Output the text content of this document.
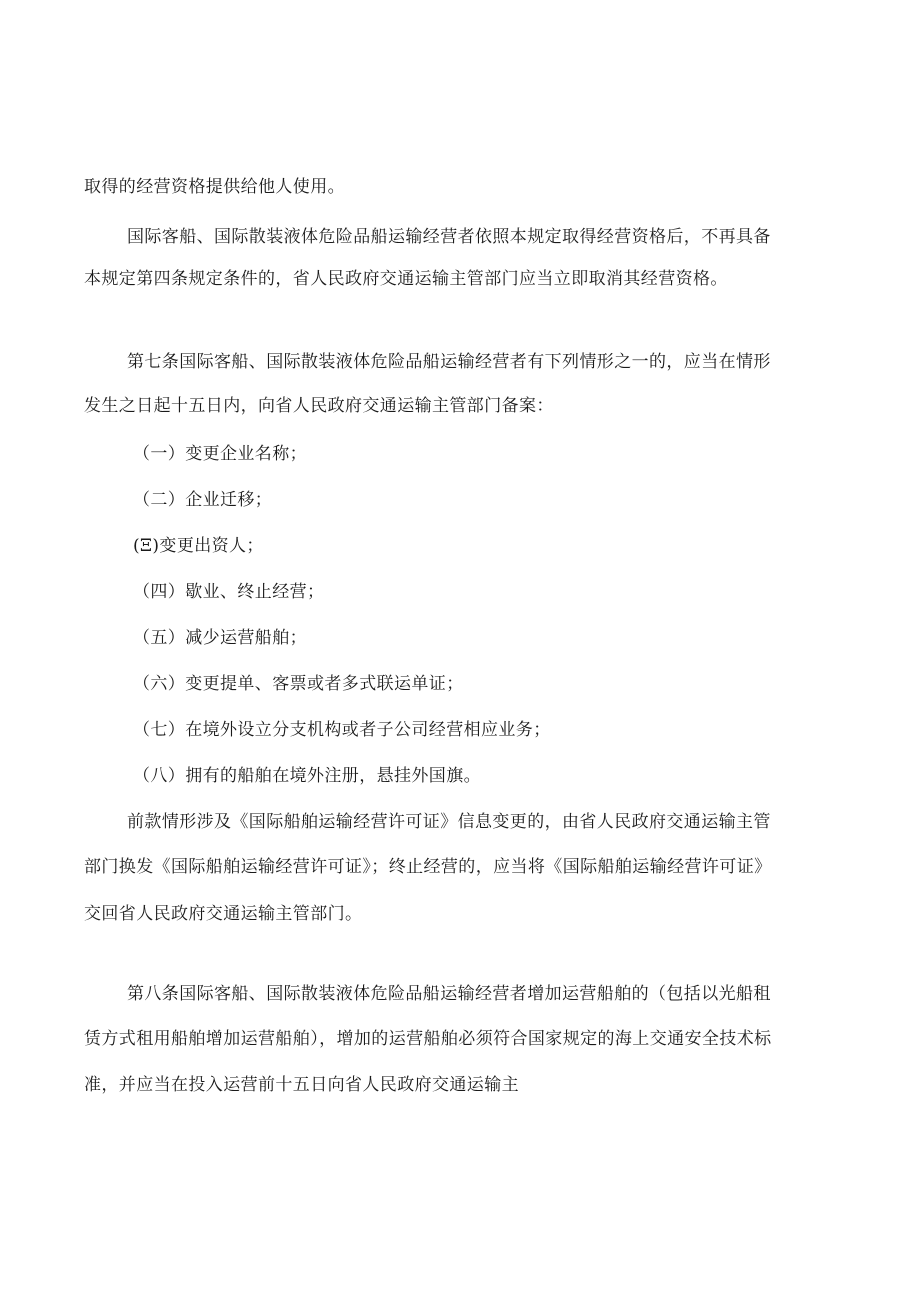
取得的经营资格提供给他人使用。
国际客船、国际散装液体危险品船运输经营者依照本规定取得经营资格后，不再具备
本规定第四条规定条件的，省人民政府交通运输主管部门应当立即取消其经营资格。
第七条国际客船、国际散装液体危险品船运输经营者有下列情形之一的，应当在情形
发生之日起十五日内，向省人民政府交通运输主管部门备案：
（一）变更企业名称；
（二）企业迁移；
(Ξ)变更出资人；
（四）歇业、终止经营；
（五）减少运营船舶；
（六）变更提单、客票或者多式联运单证；
（七）在境外设立分支机构或者子公司经营相应业务；
（八）拥有的船舶在境外注册，悬挂外国旗。
前款情形涉及《国际船舶运输经营许可证》信息变更的，由省人民政府交通运输主管
部门换发《国际船舶运输经营许可证》；终止经营的，应当将《国际船舶运输经营许可证》
交回省人民政府交通运输主管部门。
第八条国际客船、国际散装液体危险品船运输经营者增加运营船舶的（包括以光船租
赁方式租用船舶增加运营船舶），增加的运营船舶必须符合国家规定的海上交通安全技术标
准，并应当在投入运营前十五日向省人民政府交通运输主
